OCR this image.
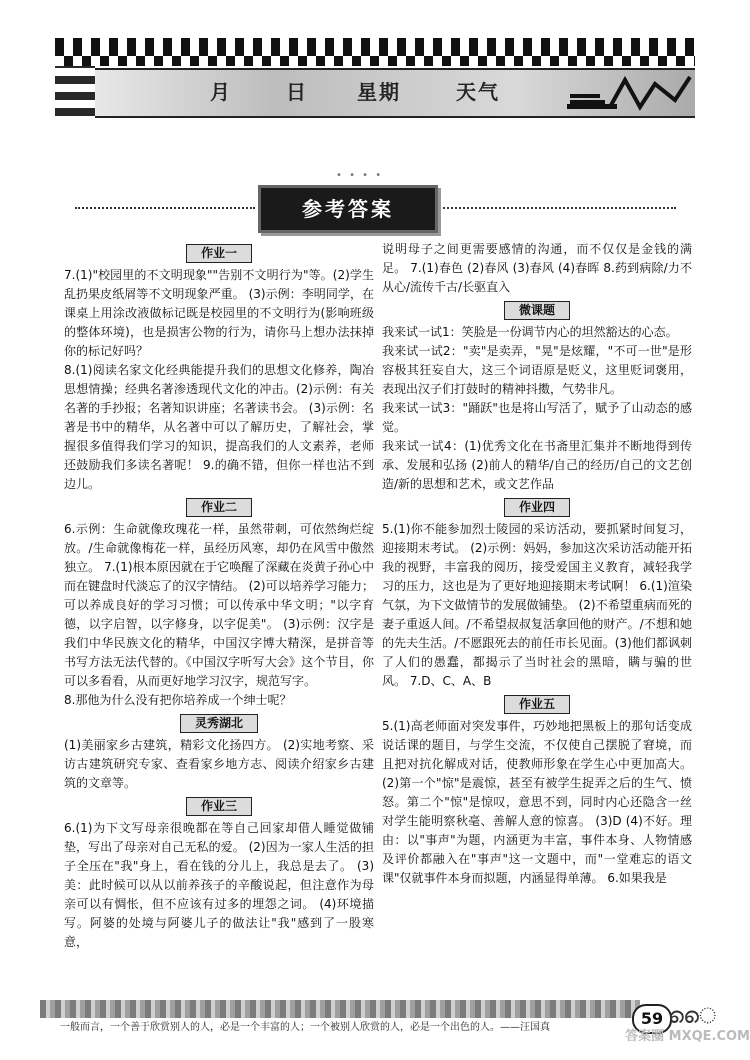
月	日 星期	天气
• • • •
参考答案
作业一

7.(1)"校园里的不文明现象""告别不文明行为"等。(2)学生乱扔果皮纸屑等不文明现象严重。 (3)示例：李明同学，在课桌上用涂改液做标记既是校园里的不文明行为(影响班级的整体环境)，也是损害公物的行为，请你马上想办法抹掉你的标记好吗？

8.(1)阅读名家文化经典能提升我们的思想文化修养，陶冶思想情操；经典名著渗透现代文化的冲击。(2)示例：有关名著的手抄报；名著知识讲座；名著读书会。 (3)示例：名著是书中的精华，从名著中可以了解历史，了解社会，掌握很多值得我们学习的知识，提高我们的人文素养，老师还鼓励我们多读名著呢！ 9.的确不错，但你一样也沾不到边儿。

作业二

6.示例：生命就像玫瑰花一样，虽然带刺，可依然绚烂绽放。/生命就像梅花一样，虽经历风寒，却仍在风雪中傲然独立。 7.(1)根本原因就在于它唤醒了深藏在炎黄子孙心中而在键盘时代淡忘了的汉字情结。 (2)可以培养学习能力；可以养成良好的学习习惯；可以传承中华文明；"以字育德，以字启智，以字修身，以字促美"。 (3)示例：汉字是我们中华民族文化的精华，中国汉字博大精深，是拼音等书写方法无法代替的。《中国汉字听写大会》这个节目，你可以多看看，从而更好地学习汉字，规范写字。

8.那他为什么没有把你培养成一个绅士呢？

灵秀湖北

(1)美丽家乡古建筑，精彩文化扬四方。 (2)实地考察、采访古建筑研究专家、查看家乡地方志、阅读介绍家乡古建筑的文章等。

作业三

6.(1)为下文写母亲很晚都在等自己回家却借人睡觉做铺垫，写出了母亲对自己无私的爱。 (2)因为一家人生活的担子全压在"我"身上，看在钱的分儿上，我总是去了。 (3)美：此时候可以从以前养孩子的辛酸说起，但注意作为母亲可以有惆怅，但不应该有过多的埋怨之词。 (4)环境描写。阿婆的处境与阿婆儿子的做法让"我"感到了一股寒意，

说明母子之间更需要感情的沟通，而不仅仅是金钱的满足。 7.(1)春色 (2)春风 (3)春风 (4)春晖 8.药到病除/力不从心/流传千古/长驱直入

微课题

我来试一试1：笑脸是一份调节内心的坦然豁达的心态。

我来试一试2："卖"是卖弄，"晃"是炫耀，"不可一世"是形容极其狂妄自大，这三个词语原是贬义，这里贬词褒用，表现出汉子们打鼓时的精神抖擞，气势非凡。

我来试一试3："踊跃"也是将山写活了，赋予了山动态的感觉。

我来试一试4：(1)优秀文化在书斋里汇集并不断地得到传承、发展和弘扬 (2)前人的精华/自己的经历/自己的文艺创造/新的思想和艺术，或文艺作品

作业四

5.(1)你不能参加烈士陵园的采访活动，要抓紧时间复习，迎接期末考试。 (2)示例：妈妈，参加这次采访活动能开拓我的视野，丰富我的阅历，接受爱国主义教育，减轻我学习的压力，这也是为了更好地迎接期末考试啊！ 6.(1)渲染气氛，为下文做情节的发展做铺垫。 (2)不希望重病而死的妻子重返人间。/不希望叔叔复活拿回他的财产。/不想和她的先夫生活。/不愿跟死去的前任市长见面。(3)他们都讽刺了人们的愚蠢，都揭示了当时社会的黑暗，瞒与骗的世风。 7.D、C、A、B

作业五

5.(1)高老师面对突发事件，巧妙地把黑板上的那句话变成说话课的题目，与学生交流，不仅使自己摆脱了窘境，而且把对抗化解成对话，使教师形象在学生心中更加高大。 (2)第一个"惊"是震惊，甚至有被学生捉弄之后的生气、愤怒。第二个"惊"是惊叹，意思不到，同时内心还隐含一丝对学生能明察秋毫、善解人意的惊喜。 (3)D (4)不好。理由：以"事声"为题，内涵更为丰富，事件本身、人物情感及评价都融入在"事声"这一文题中，而"一堂难忘的语文课"仅就事件本身而拟题，内涵显得单薄。 6.如果我是

一般而言，一个善于欣赏别人的人，必是一个丰富的人；一个被别人欣赏的人，必是一个出色的人。——汪国真	59 ൈ
答案圈 MXQE.COM
